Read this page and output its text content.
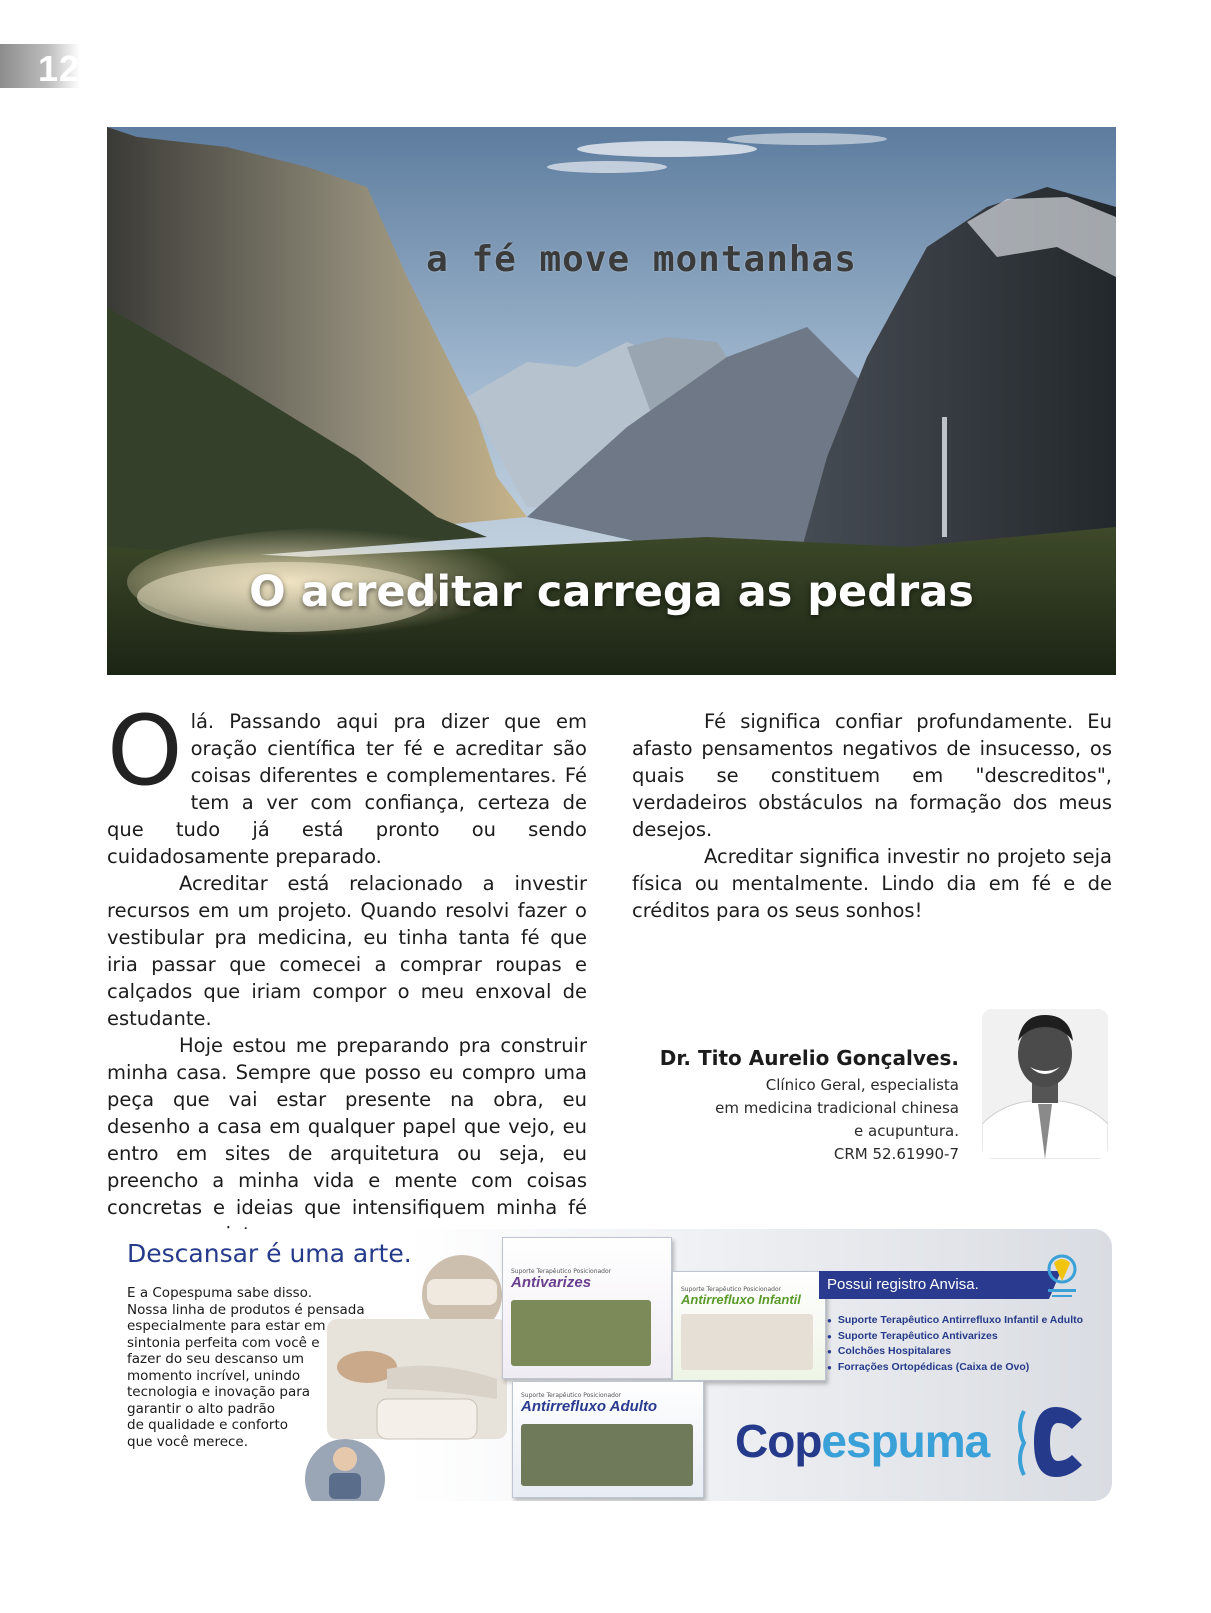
12
a fé move montanhas
O acreditar carrega as pedras

Olá. Passando aqui pra dizer que em oração científica ter fé e acreditar são coisas diferentes e complementares. Fé tem a ver com confiança, certeza de que tudo já está pronto ou sendo cuidadosamente preparado.

Acreditar está relacionado a investir recursos em um projeto. Quando resolvi fazer o vestibular pra medicina, eu tinha tanta fé que iria passar que comecei a comprar roupas e calçados que iriam compor o meu enxoval de estudante.

Hoje estou me preparando pra construir minha casa. Sempre que posso eu compro uma peça que vai estar presente na obra, eu desenho a casa em qualquer papel que vejo, eu entro em sites de arquitetura ou seja, eu preencho a minha vida e mente com coisas concretas e ideias que intensifiquem minha fé

Fé significa confiar profundamente. Eu afasto pensamentos negativos de insucesso, os quais se constituem em "descreditos", verdadeiros obstáculos na formação dos meus desejos.

Acreditar significa investir no projeto seja física ou mentalmente. Lindo dia em fé e de créditos para os seus sonhos!

Dr. Tito Aurelio Gonçalves.
Clínico Geral, especialista
em medicina tradicional chinesa
e acupuntura.
CRM 52.61990-7
Descansar é uma arte.
E a Copespuma sabe disso.
Nossa linha de produtos é pensada
especialmente para estar em
sintonia perfeita com você e
fazer do seu descanso um
momento incrível, unindo
tecnologia e inovação para
garantir o alto padrão
de qualidade e conforto
que você merece.
Suporte Terapêutico Posicionador
Antivarizes	Suporte Terapêutico Posicionador
Antirrefluxo Infantil
Suporte Terapêutico Posicionador
Antirrefluxo Adulto
Possui registro Anvisa.
● Suporte Terapêutico Antirrefluxo Infantil e Adulto
● Suporte Terapêutico Antivarizes
● Colchões Hospitalares
● Forrações Ortopédicas (Caixa de Ovo)
Copespuma
